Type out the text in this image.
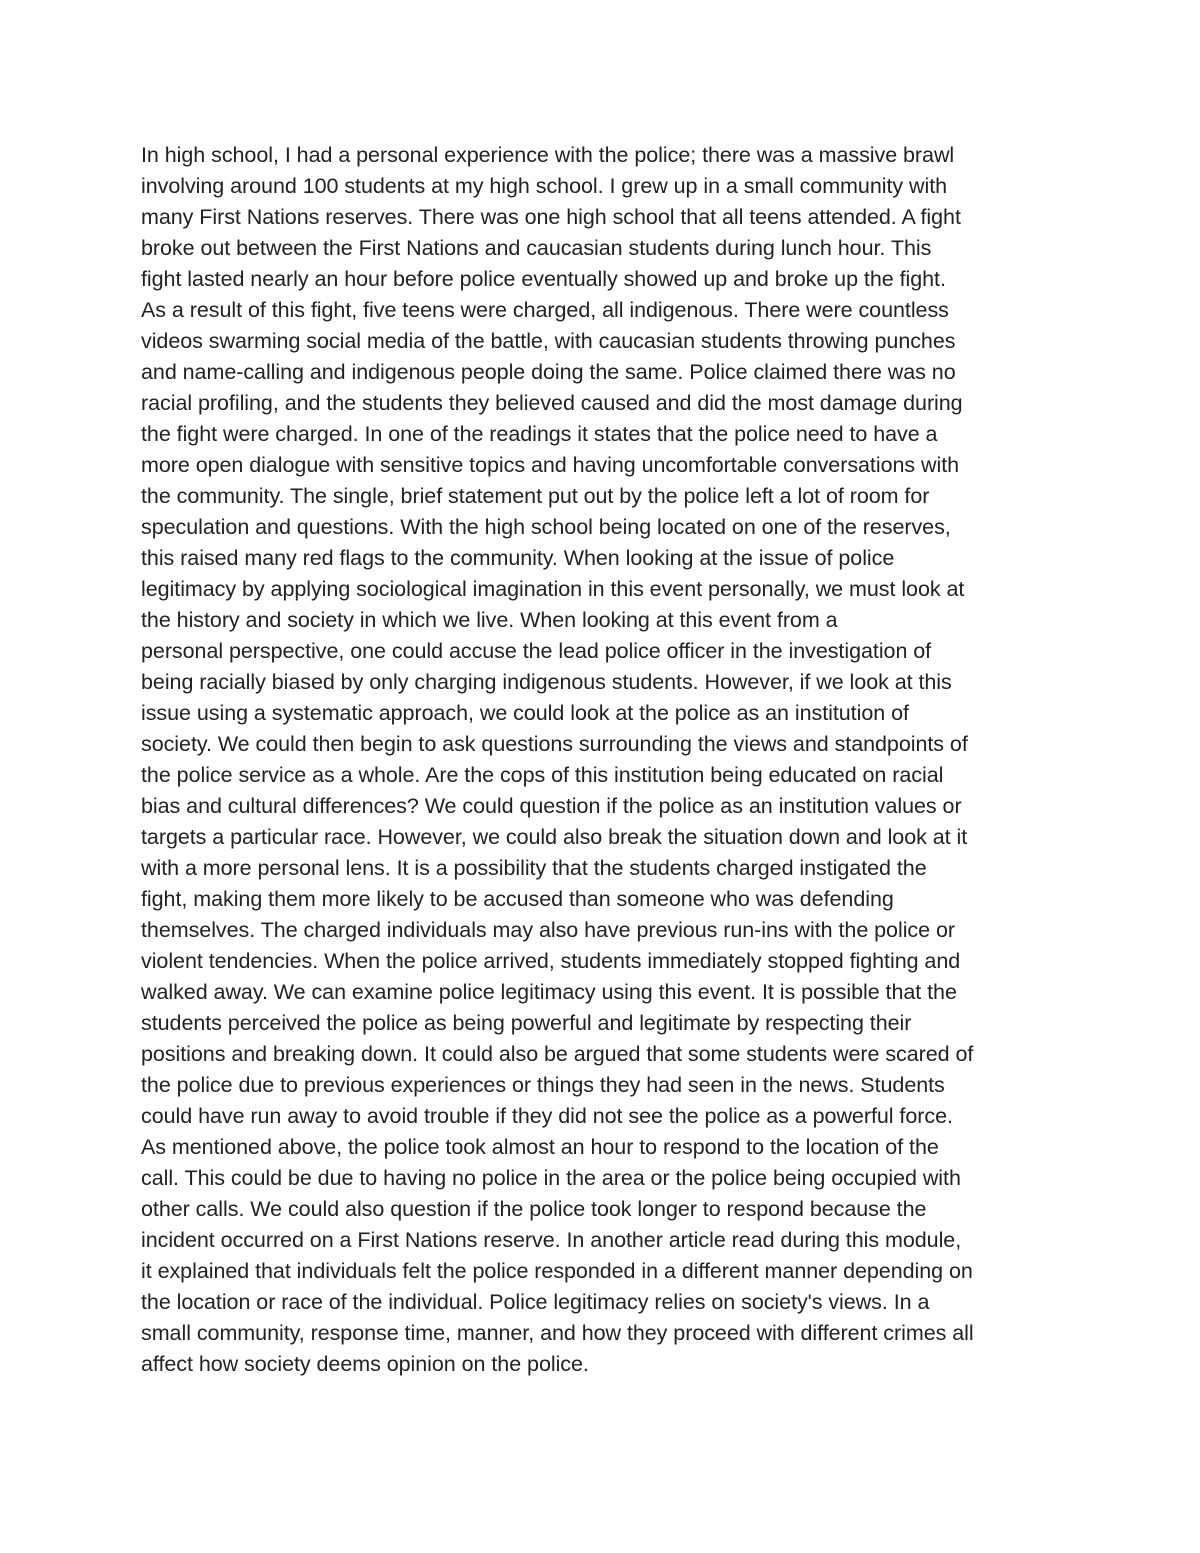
In high school, I had a personal experience with the police; there was a massive brawl
involving around 100 students at my high school. I grew up in a small community with
many First Nations reserves. There was one high school that all teens attended. A fight
broke out between the First Nations and caucasian students during lunch hour. This
fight lasted nearly an hour before police eventually showed up and broke up the fight.
As a result of this fight, five teens were charged, all indigenous. There were countless
videos swarming social media of the battle, with caucasian students throwing punches
and name-calling and indigenous people doing the same. Police claimed there was no
racial profiling, and the students they believed caused and did the most damage during
the fight were charged. In one of the readings it states that the police need to have a
more open dialogue with sensitive topics and having uncomfortable conversations with
the community. The single, brief statement put out by the police left a lot of room for
speculation and questions. With the high school being located on one of the reserves,
this raised many red flags to the community. When looking at the issue of police
legitimacy by applying sociological imagination in this event personally, we must look at
the history and society in which we live. When looking at this event from a
personal perspective, one could accuse the lead police officer in the investigation of
being racially biased by only charging indigenous students. However, if we look at this
issue using a systematic approach, we could look at the police as an institution of
society. We could then begin to ask questions surrounding the views and standpoints of
the police service as a whole. Are the cops of this institution being educated on racial
bias and cultural differences? We could question if the police as an institution values or
targets a particular race. However, we could also break the situation down and look at it
with a more personal lens. It is a possibility that the students charged instigated the
fight, making them more likely to be accused than someone who was defending
themselves. The charged individuals may also have previous run-ins with the police or
violent tendencies. When the police arrived, students immediately stopped fighting and
walked away. We can examine police legitimacy using this event. It is possible that the
students perceived the police as being powerful and legitimate by respecting their
positions and breaking down. It could also be argued that some students were scared of
the police due to previous experiences or things they had seen in the news. Students
could have run away to avoid trouble if they did not see the police as a powerful force.
As mentioned above, the police took almost an hour to respond to the location of the
call. This could be due to having no police in the area or the police being occupied with
other calls. We could also question if the police took longer to respond because the
incident occurred on a First Nations reserve. In another article read during this module,
it explained that individuals felt the police responded in a different manner depending on
the location or race of the individual. Police legitimacy relies on society's views. In a
small community, response time, manner, and how they proceed with different crimes all
affect how society deems opinion on the police.
